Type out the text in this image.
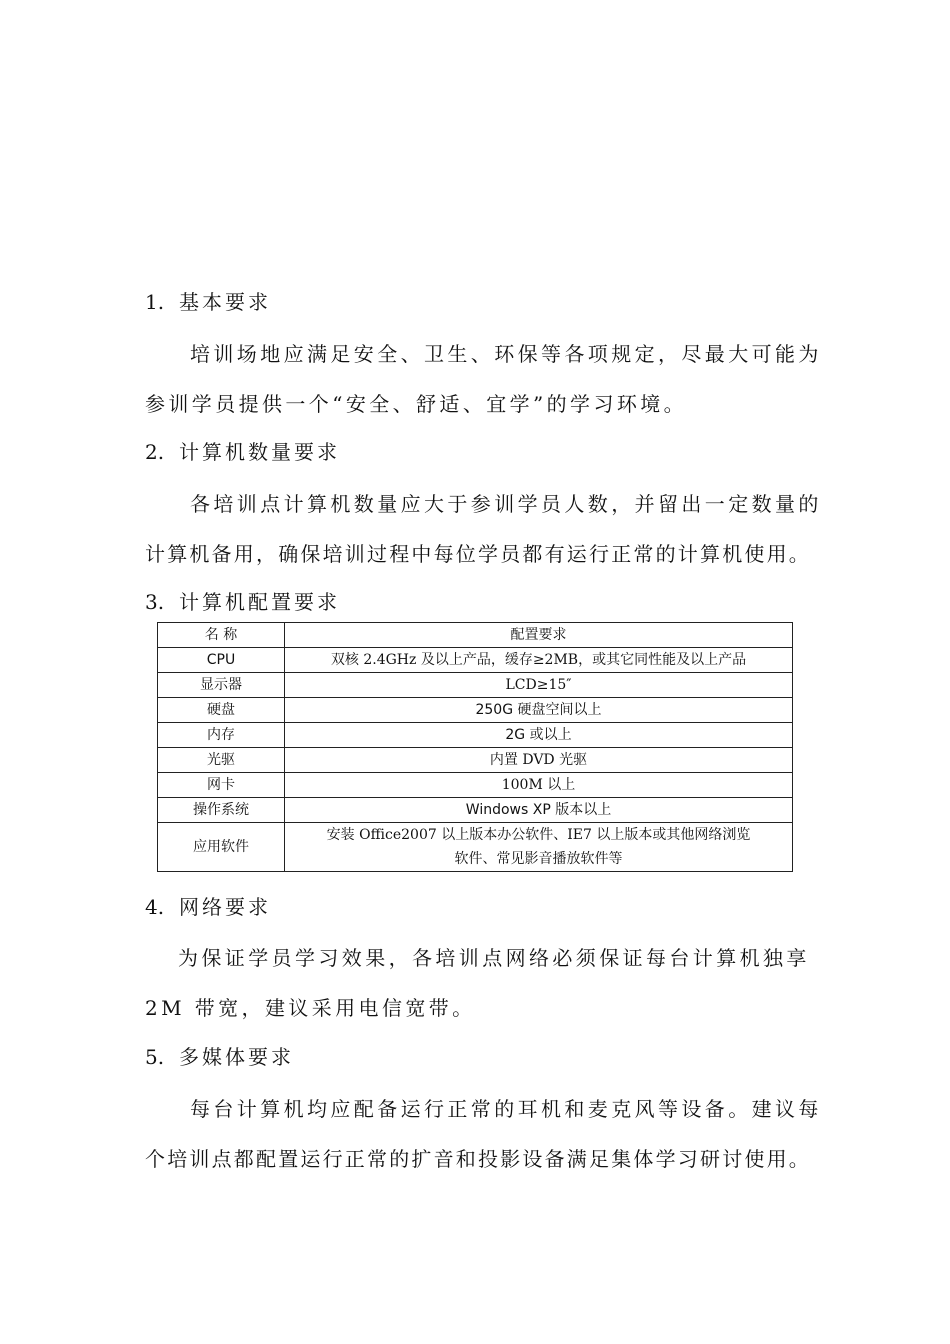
1. 基本要求
培训场地应满足安全、卫生、环保等各项规定，尽最大可能为
参训学员提供一个“安全、舒适、宜学”的学习环境。
2. 计算机数量要求
各培训点计算机数量应大于参训学员人数，并留出一定数量的
计算机备用，确保培训过程中每位学员都有运行正常的计算机使用。
3. 计算机配置要求
名 称	配置要求
CPU	双核 2.4GHz 及以上产品，缓存≥2MB，或其它同性能及以上产品
显示器	LCD≥15″
硬盘	250G 硬盘空间以上
内存	2G 或以上
光驱	内置 DVD 光驱
网卡	100M 以上
操作系统	Windows XP 版本以上
应用软件	安装 Office2007 以上版本办公软件、IE7 以上版本或其他网络浏览
软件、常见影音播放软件等
4. 网络要求
为保证学员学习效果，各培训点网络必须保证每台计算机独享
2M 带宽，建议采用电信宽带。
5. 多媒体要求
每台计算机均应配备运行正常的耳机和麦克风等设备。建议每
个培训点都配置运行正常的扩音和投影设备满足集体学习研讨使用。
